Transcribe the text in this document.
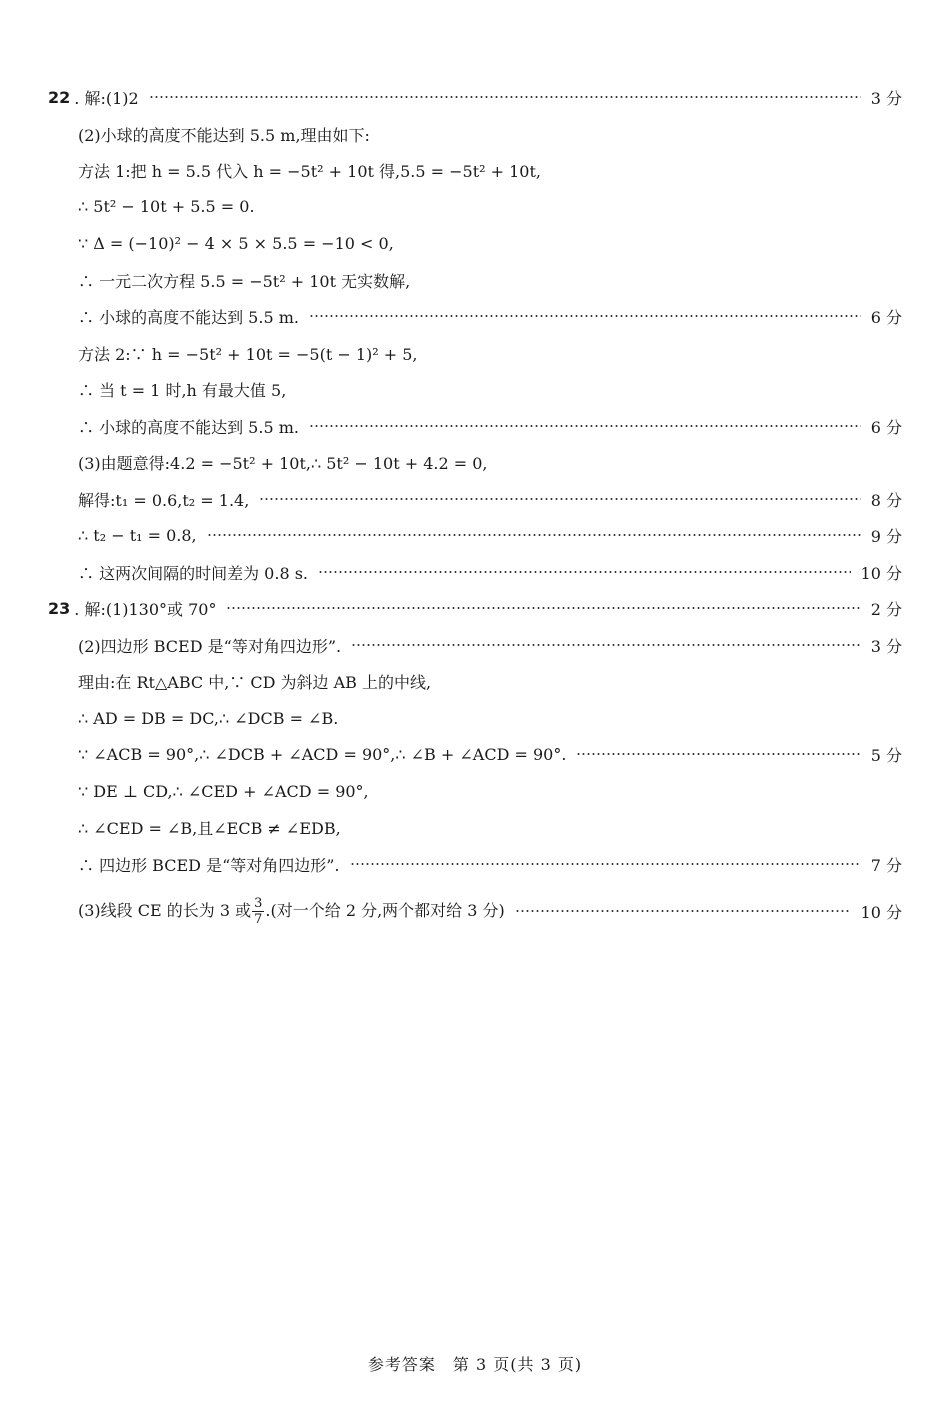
22 . 解:(1)2	3 分
(2)小球的高度不能达到 5.5 m,理由如下:
方法 1:把 h = 5.5 代入 h = −5t² + 10t 得,5.5 = −5t² + 10t,
∴ 5t² − 10t + 5.5 = 0.
∵ Δ = (−10)² − 4 × 5 × 5.5 = −10 < 0,
∴ 一元二次方程 5.5 = −5t² + 10t 无实数解,
∴ 小球的高度不能达到 5.5 m.	6 分
方法 2:∵ h = −5t² + 10t = −5(t − 1)² + 5,
∴ 当 t = 1 时,h 有最大值 5,
∴ 小球的高度不能达到 5.5 m.	6 分
(3)由题意得:4.2 = −5t² + 10t,∴ 5t² − 10t + 4.2 = 0,
解得:t₁ = 0.6,t₂ = 1.4,	8 分
∴ t₂ − t₁ = 0.8,	9 分
∴ 这两次间隔的时间差为 0.8 s.	10 分
23 . 解:(1)130°或 70°	2 分
(2)四边形 BCED 是“等对角四边形”.	3 分
理由:在 Rt△ABC 中,∵ CD 为斜边 AB 上的中线,
∴ AD = DB = DC,∴ ∠DCB = ∠B.
∵ ∠ACB = 90°,∴ ∠DCB + ∠ACD = 90°,∴ ∠B + ∠ACD = 90°.	5 分
∵ DE ⊥ CD,∴ ∠CED + ∠ACD = 90°,
∴ ∠CED = ∠B,且∠ECB ≠ ∠EDB,
∴ 四边形 BCED 是“等对角四边形”.	7 分
(3)线段 CE 的长为 3 或 $\frac{3}{7}$ .(对一个给 2 分,两个都对给 3 分)	10 分
参考答案　第 3 页(共 3 页)
